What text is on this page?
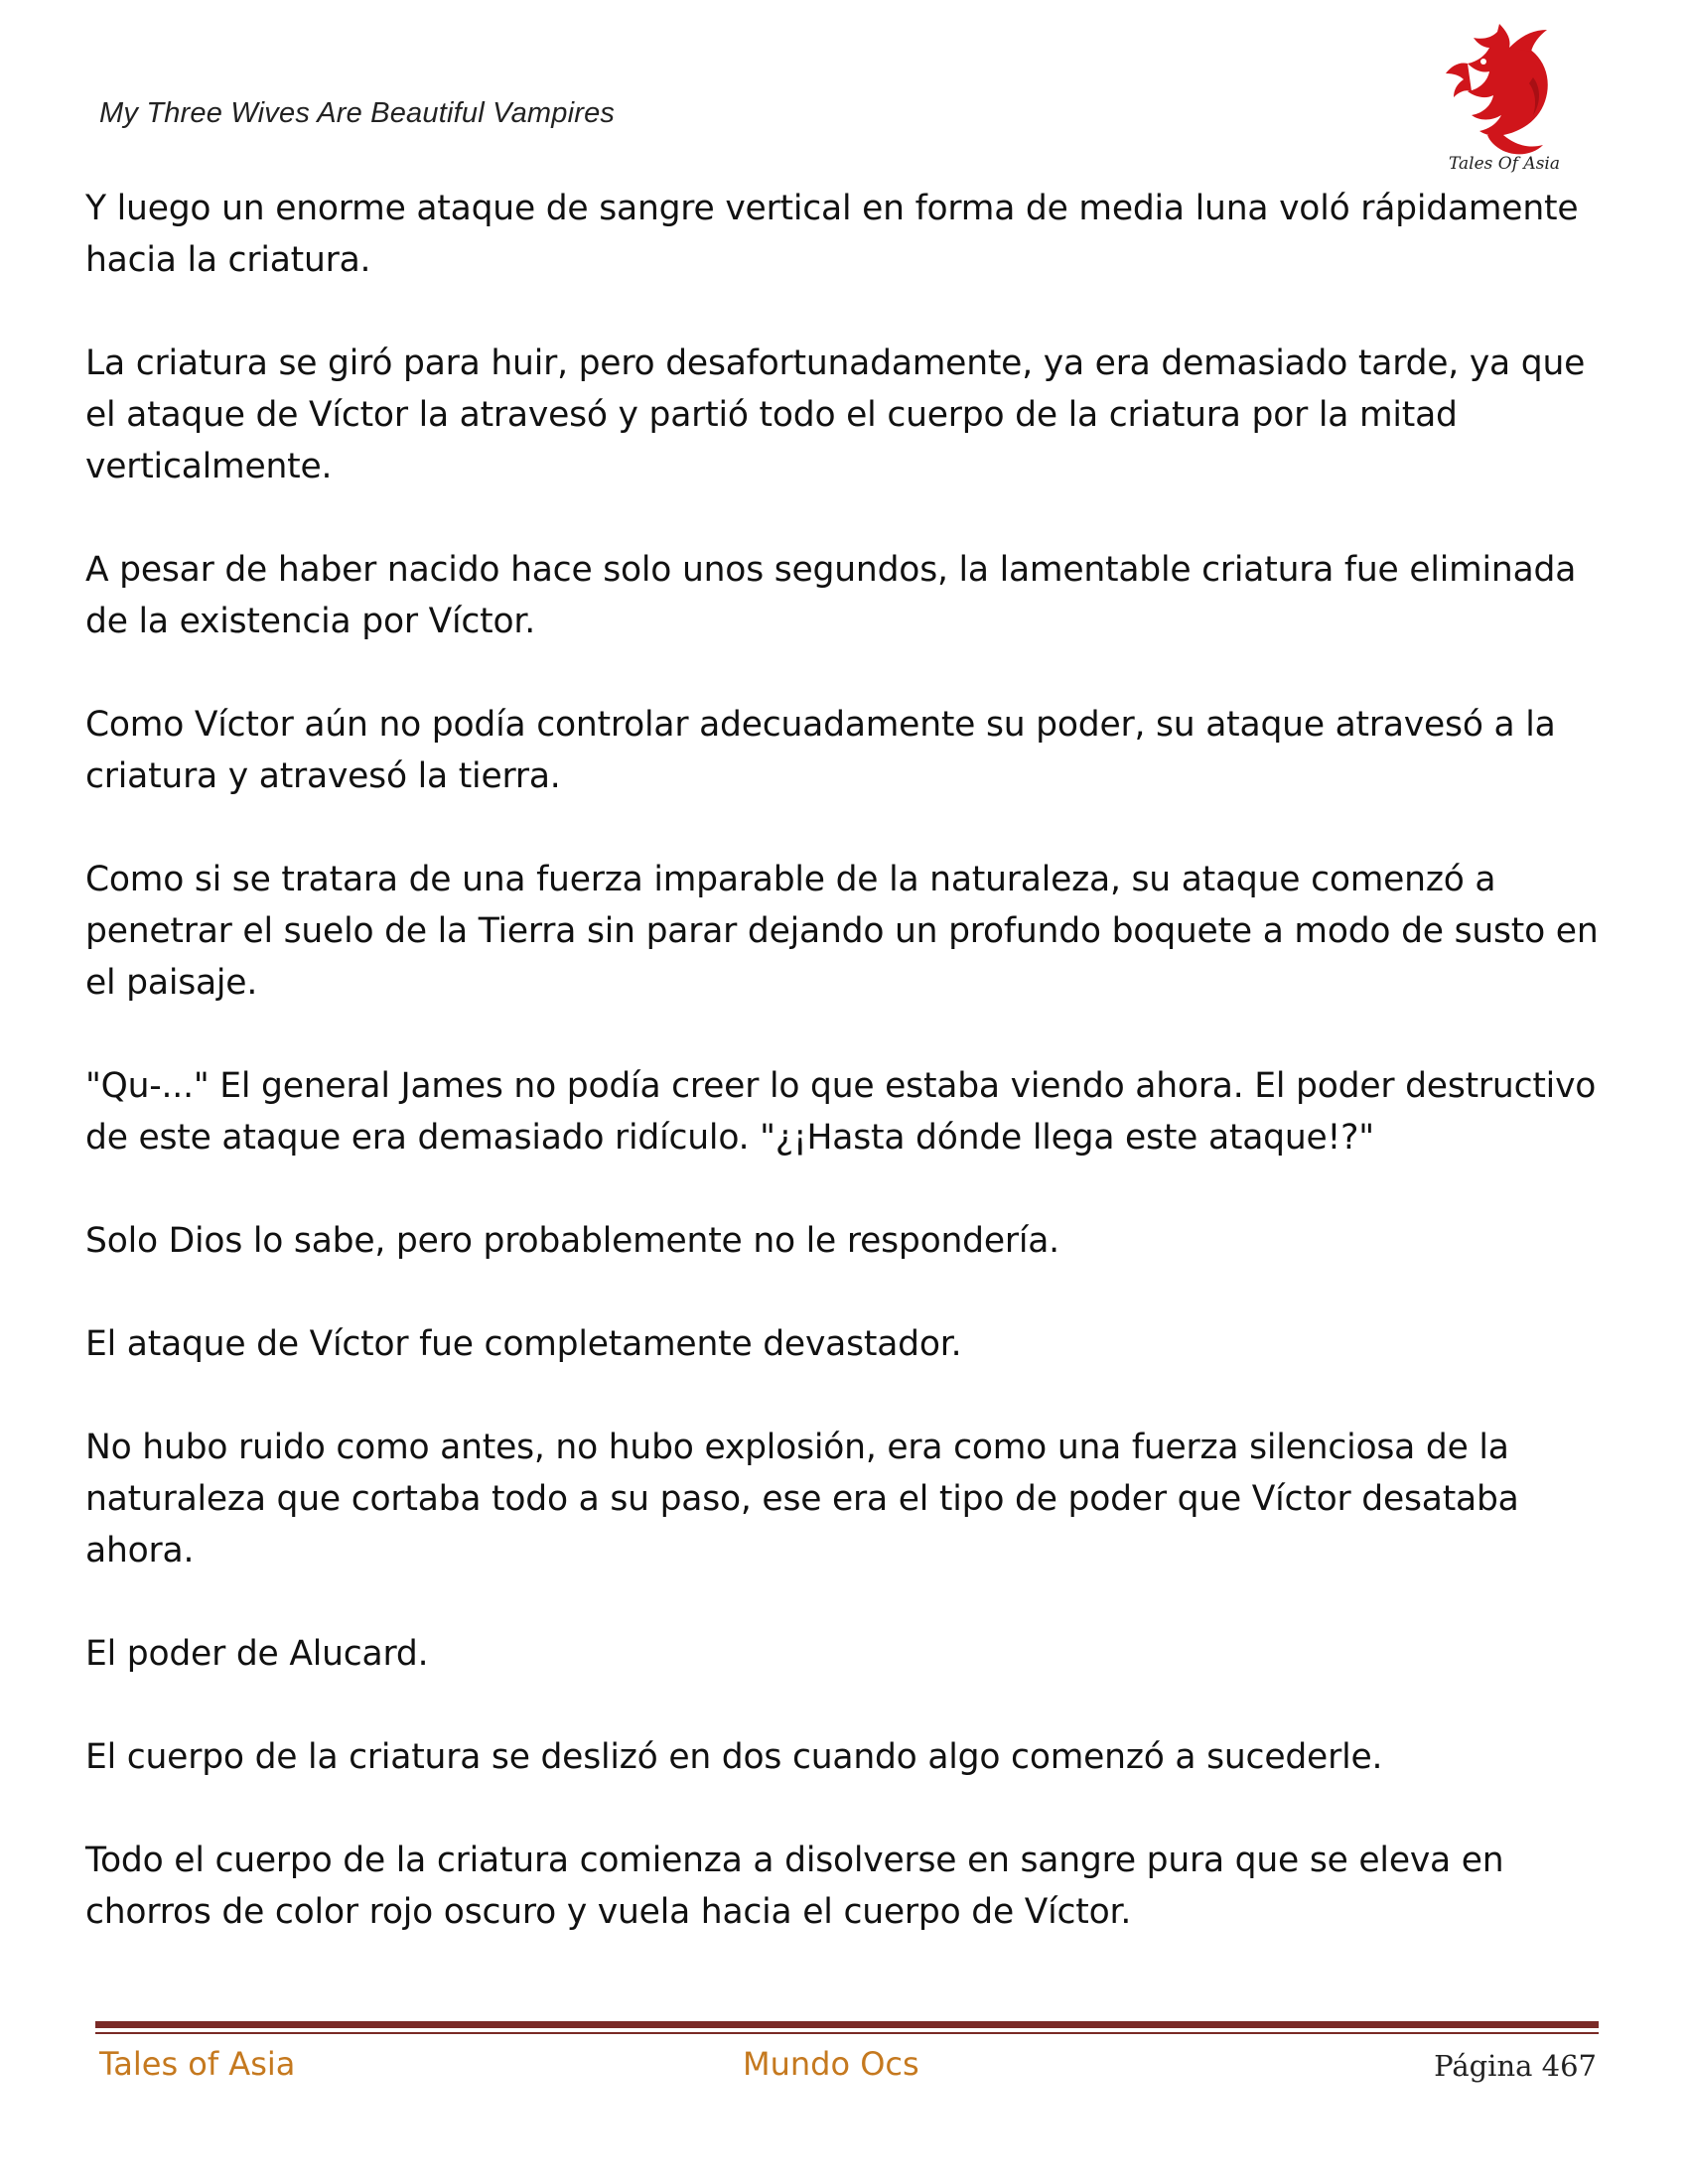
My Three Wives Are Beautiful Vampires
Tales Of Asia

Y luego un enorme ataque de sangre vertical en forma de media luna voló rápidamente hacia la criatura.

La criatura se giró para huir, pero desafortunadamente, ya era demasiado tarde, ya que el ataque de Víctor la atravesó y partió todo el cuerpo de la criatura por la mitad verticalmente.

A pesar de haber nacido hace solo unos segundos, la lamentable criatura fue eliminada de la existencia por Víctor.

Como Víctor aún no podía controlar adecuadamente su poder, su ataque atravesó a la criatura y atravesó la tierra.

Como si se tratara de una fuerza imparable de la naturaleza, su ataque comenzó a penetrar el suelo de la Tierra sin parar dejando un profundo boquete a modo de susto en el paisaje.

"Qu-..." El general James no podía creer lo que estaba viendo ahora. El poder destructivo de este ataque era demasiado ridículo. "¿¡Hasta dónde llega este ataque!?"

Solo Dios lo sabe, pero probablemente no le respondería.

El ataque de Víctor fue completamente devastador.

No hubo ruido como antes, no hubo explosión, era como una fuerza silenciosa de la naturaleza que cortaba todo a su paso, ese era el tipo de poder que Víctor desataba ahora.

El poder de Alucard.

El cuerpo de la criatura se deslizó en dos cuando algo comenzó a sucederle.

Todo el cuerpo de la criatura comienza a disolverse en sangre pura que se eleva en chorros de color rojo oscuro y vuela hacia el cuerpo de Víctor.

Tales of Asia	Mundo Ocs	Página 467
